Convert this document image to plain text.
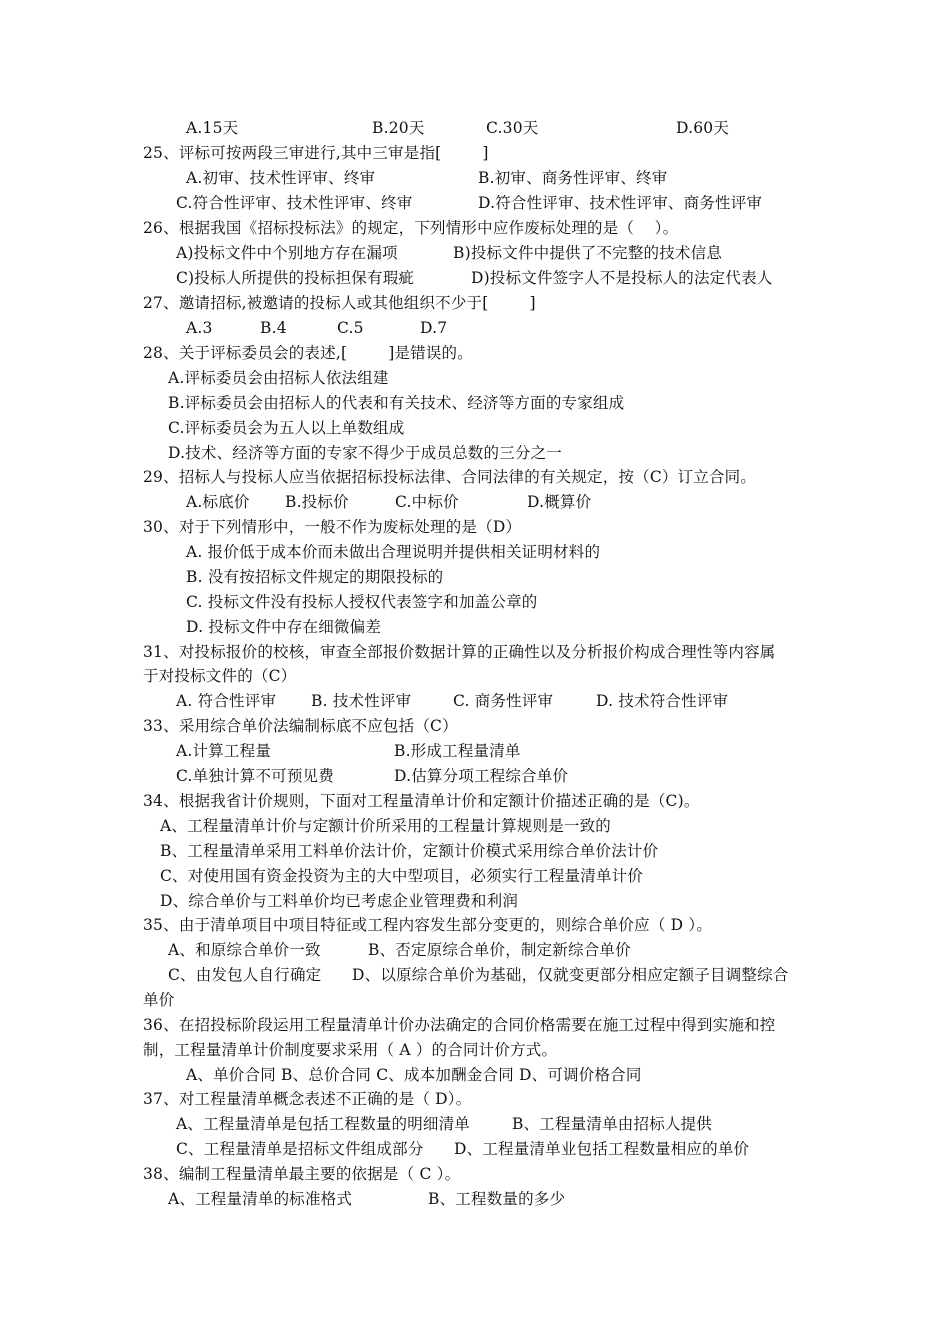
A.15天	B.20天	C.30天	D.60天
25、评标可按两段三审进行,其中三审是指[        ]
A.初审、技术性评审、终审	B.初审、商务性评审、终审
C.符合性评审、技术性评审、终审	D.符合性评审、技术性评审、商务性评审
26、根据我国《招标投标法》的规定，下列情形中应作废标处理的是（    ）。
A)投标文件中个别地方存在漏项	B)投标文件中提供了不完整的技术信息
C)投标人所提供的投标担保有瑕疵	D)投标文件签字人不是投标人的法定代表人
27、邀请招标,被邀请的投标人或其他组织不少于[        ]
A.3	B.4	C.5	D.7
28、关于评标委员会的表述,[        ]是错误的。
A.评标委员会由招标人依法组建
B.评标委员会由招标人的代表和有关技术、经济等方面的专家组成
C.评标委员会为五人以上单数组成
D.技术、经济等方面的专家不得少于成员总数的三分之一
29、招标人与投标人应当依据招标投标法律、合同法律的有关规定，按（C）订立合同。
A.标底价 B.投标价	C.中标价	D.概算价
30、对于下列情形中，一般不作为废标处理的是（D）
A. 报价低于成本价而未做出合理说明并提供相关证明材料的
B. 没有按招标文件规定的期限投标的
C. 投标文件没有投标人授权代表签字和加盖公章的
D. 投标文件中存在细微偏差
31、对投标报价的校核，审查全部报价数据计算的正确性以及分析报价构成合理性等内容属
于对投标文件的（C）
A. 符合性评审 B. 技术性评审	C. 商务性评审	D. 技术符合性评审
33、采用综合单价法编制标底不应包括（C）
A.计算工程量	B.形成工程量清单
C.单独计算不可预见费	D.估算分项工程综合单价
34、根据我省计价规则，下面对工程量清单计价和定额计价描述正确的是（C)。
A、工程量清单计价与定额计价所采用的工程量计算规则是一致的
B、工程量清单采用工料单价法计价，定额计价模式采用综合单价法计价
C、对使用国有资金投资为主的大中型项目，必须实行工程量清单计价
D、综合单价与工料单价均已考虑企业管理费和利润
35、由于清单项目中项目特征或工程内容发生部分变更的，则综合单价应（ D ）。
A、和原综合单价一致	B、否定原综合单价，制定新综合单价
C、由发包人自行确定 D、以原综合单价为基础，仅就变更部分相应定额子目调整综合
单价
36、在招投标阶段运用工程量清单计价办法确定的合同价格需要在施工过程中得到实施和控
制，工程量清单计价制度要求采用（ A ）的合同计价方式。
A、单价合同 B、总价合同 C、成本加酬金合同 D、可调价格合同
37、对工程量清单概念表述不正确的是（ D）。
A、工程量清单是包括工程数量的明细清单	B、工程量清单由招标人提供
C、工程量清单是招标文件组成部分 D、工程量清单业包括工程数量相应的单价
38、编制工程量清单最主要的依据是（ C ）。
A、工程量清单的标准格式	B、工程数量的多少
